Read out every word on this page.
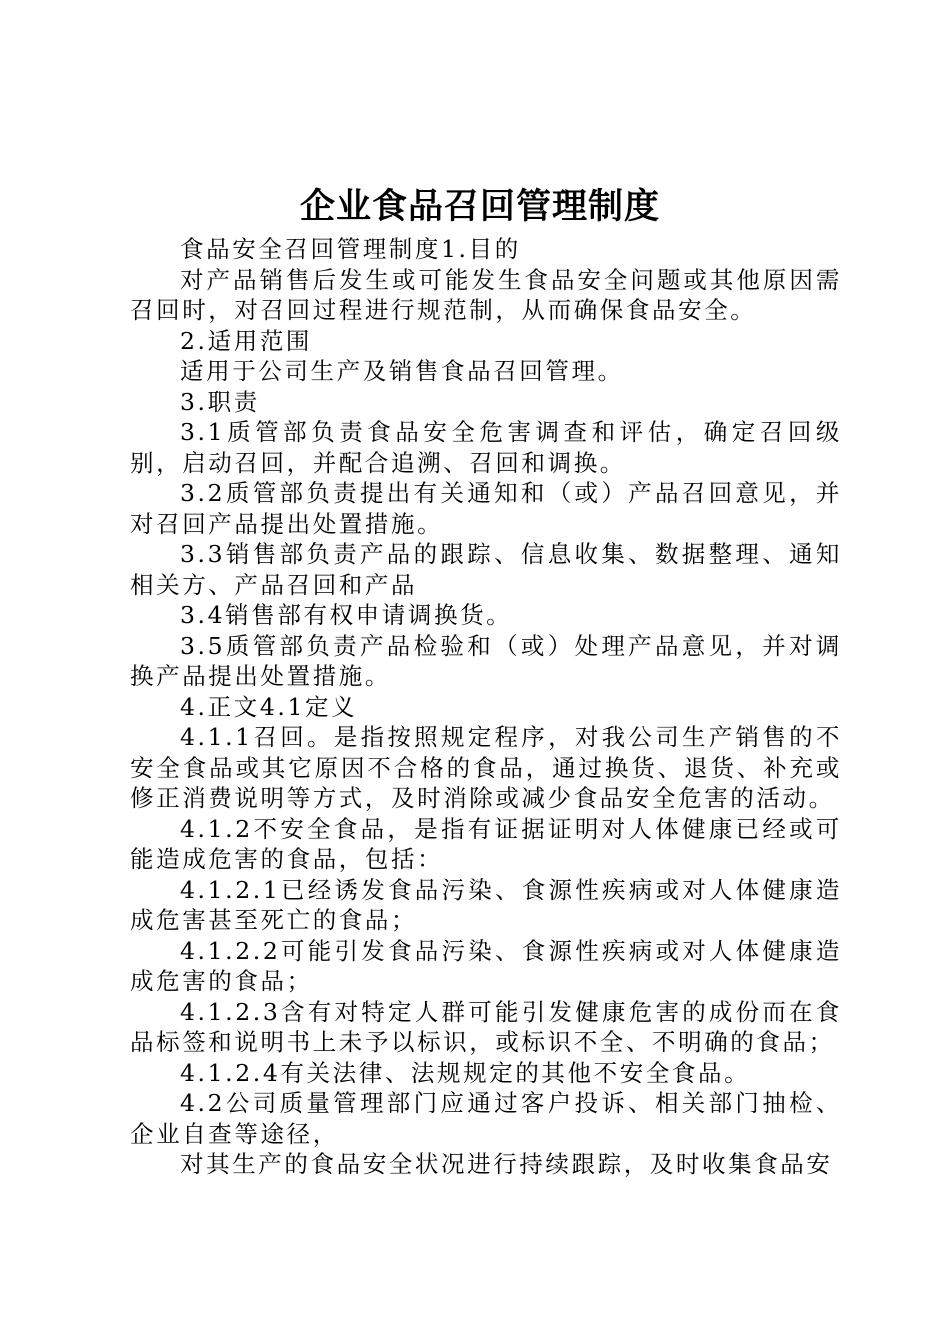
企业食品召回管理制度

食品安全召回管理制度1.目的

对产品销售后发生或可能发生食品安全问题或其他原因需召回时，对召回过程进行规范制，从而确保食品安全。

2.适用范围

适用于公司生产及销售食品召回管理。

3.职责

3.1质管部负责食品安全危害调查和评估，确定召回级别，启动召回，并配合追溯、召回和调换。

3.2质管部负责提出有关通知和（或）产品召回意见，并对召回产品提出处置措施。

3.3销售部负责产品的跟踪、信息收集、数据整理、通知相关方、产品召回和产品

3.4销售部有权申请调换货。

3.5质管部负责产品检验和（或）处理产品意见，并对调换产品提出处置措施。

4.正文4.1定义

4.1.1召回。是指按照规定程序，对我公司生产销售的不安全食品或其它原因不合格的食品，通过换货、退货、补充或修正消费说明等方式，及时消除或减少食品安全危害的活动。

4.1.2不安全食品，是指有证据证明对人体健康已经或可能造成危害的食品，包括：

4.1.2.1已经诱发食品污染、食源性疾病或对人体健康造成危害甚至死亡的食品；

4.1.2.2可能引发食品污染、食源性疾病或对人体健康造成危害的食品；

4.1.2.3含有对特定人群可能引发健康危害的成份而在食品标签和说明书上未予以标识，或标识不全、不明确的食品；

4.1.2.4有关法律、法规规定的其他不安全食品。

4.2公司质量管理部门应通过客户投诉、相关部门抽检、企业自查等途径，

对其生产的食品安全状况进行持续跟踪，及时收集食品安
